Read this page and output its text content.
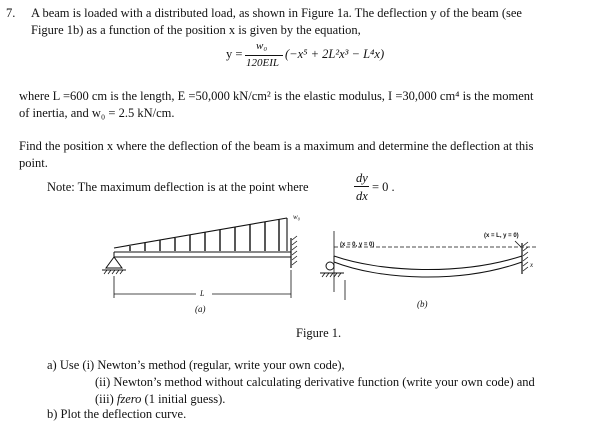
7. A beam is loaded with a distributed load, as shown in Figure 1a. The deflection y of the beam (see
Figure 1b) as a function of the position x is given by the equation,
y =
w₀
120EIL
(−x⁵ + 2L²x³ − L⁴x)
where L =600 cm is the length, E =50,000 kN/cm² is the elastic modulus, I =30,000 cm⁴ is the moment
of inertia, and w₀ = 2.5 kN/cm.
Find the position x where the deflection of the beam is a maximum and determine the deflection at this
point.
Note: The maximum deflection is at the point where
dy
dx
= 0 .
w₀
L
(a)
(x = 0, y = 0)
(x = L, y = 0)
x
(b)
Figure 1.
a) Use (i) Newton’s method (regular, write your own code),
(ii) Newton’s method without calculating derivative function (write your own code) and
(iii) fzero (1 initial guess).
b) Plot the deflection curve.
